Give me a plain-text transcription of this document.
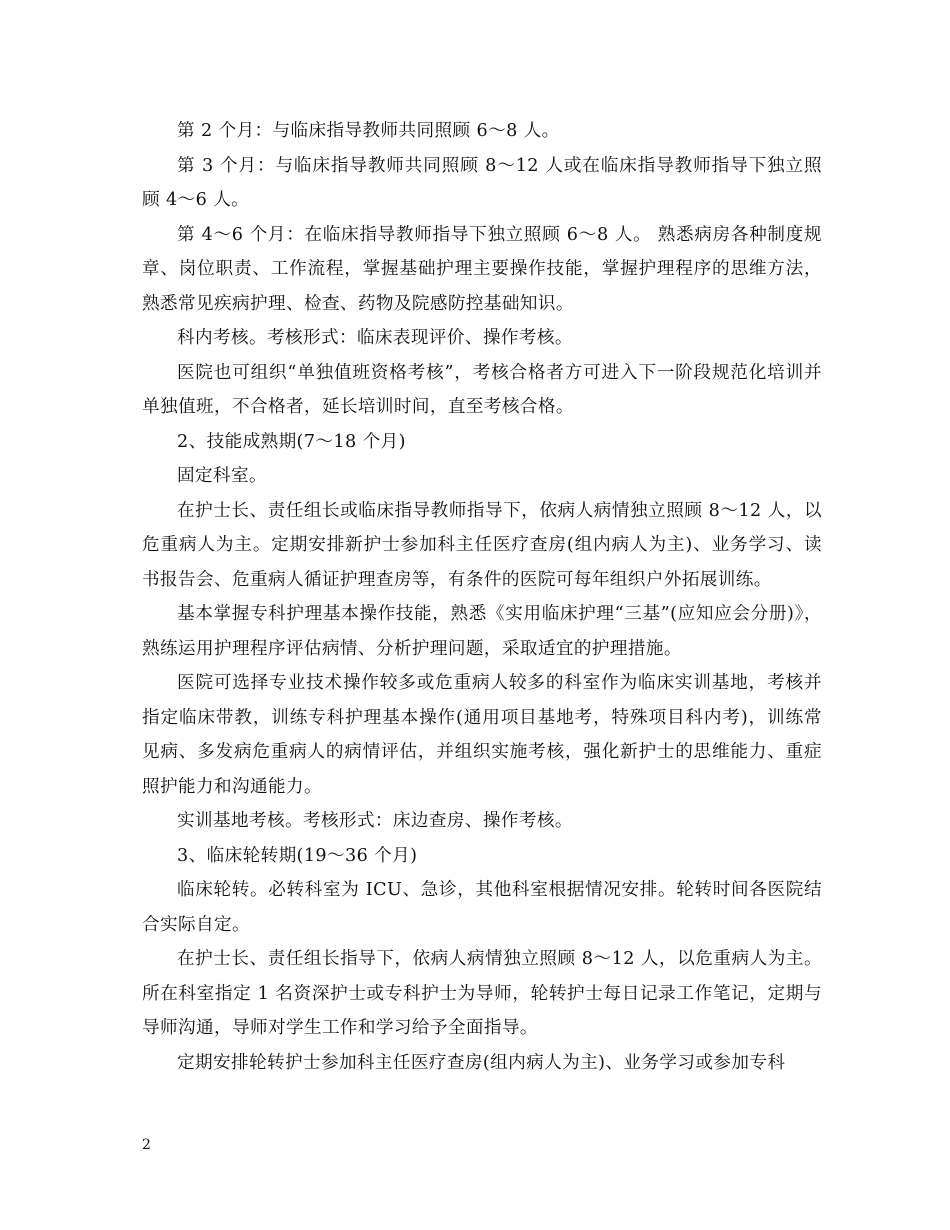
第 2 个月：与临床指导教师共同照顾 6～8 人。

第 3 个月：与临床指导教师共同照顾 8～12 人或在临床指导教师指导下独立照顾 4～6 人。

第 4～6 个月：在临床指导教师指导下独立照顾 6～8 人。 熟悉病房各种制度规章、岗位职责、工作流程，掌握基础护理主要操作技能，掌握护理程序的思维方法，熟悉常见疾病护理、检查、药物及院感防控基础知识。

科内考核。考核形式：临床表现评价、操作考核。

医院也可组织“单独值班资格考核”，考核合格者方可进入下一阶段规范化培训并单独值班，不合格者，延长培训时间，直至考核合格。

2、技能成熟期(7～18 个月)

固定科室。

在护士长、责任组长或临床指导教师指导下，依病人病情独立照顾 8～12 人，以危重病人为主。定期安排新护士参加科主任医疗查房(组内病人为主)、业务学习、读书报告会、危重病人循证护理查房等，有条件的医院可每年组织户外拓展训练。

基本掌握专科护理基本操作技能，熟悉《实用临床护理“三基”(应知应会分册)》，熟练运用护理程序评估病情、分析护理问题，采取适宜的护理措施。

医院可选择专业技术操作较多或危重病人较多的科室作为临床实训基地，考核并指定临床带教，训练专科护理基本操作(通用项目基地考，特殊项目科内考)，训练常见病、多发病危重病人的病情评估，并组织实施考核，强化新护士的思维能力、重症照护能力和沟通能力。

实训基地考核。考核形式：床边查房、操作考核。

3、临床轮转期(19～36 个月)

临床轮转。必转科室为 ICU、急诊，其他科室根据情况安排。轮转时间各医院结合实际自定。

在护士长、责任组长指导下，依病人病情独立照顾 8～12 人，以危重病人为主。所在科室指定 1 名资深护士或专科护士为导师，轮转护士每日记录工作笔记，定期与导师沟通，导师对学生工作和学习给予全面指导。

定期安排轮转护士参加科主任医疗查房(组内病人为主)、业务学习或参加专科

2
